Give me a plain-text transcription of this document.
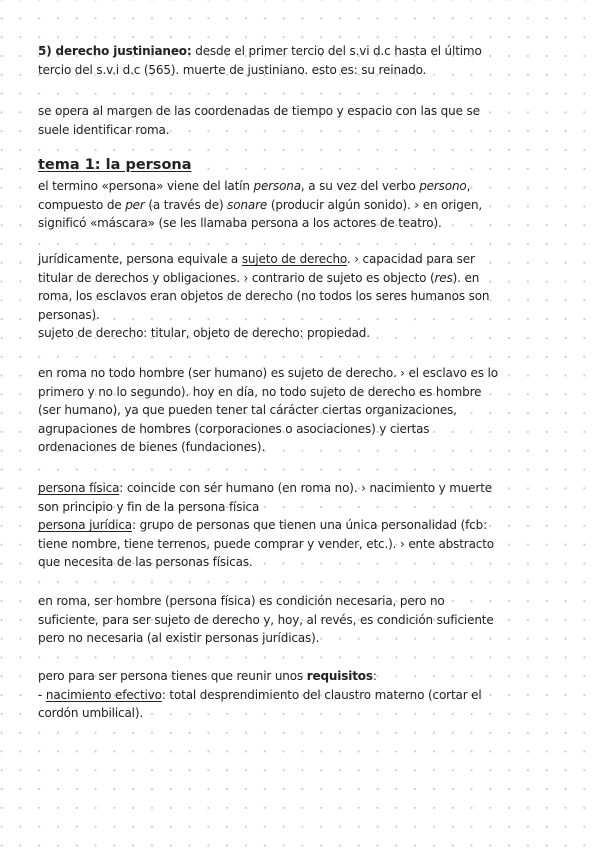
5) derecho justinianeo: desde el primer tercio del s.vi d.c hasta el último
tercio del s.v.i d.c (565). muerte de justiniano. esto es: su reinado.
se opera al margen de las coordenadas de tiempo y espacio con las que se
suele identificar roma.
tema 1: la persona
el termino «persona» viene del latín persona, a su vez del verbo persono,
compuesto de per (a través de) sonare (producir algún sonido). › en origen,
significó «máscara» (se les llamaba persona a los actores de teatro).
jurídicamente, persona equivale a sujeto de derecho. › capacidad para ser
titular de derechos y obligaciones. › contrario de sujeto es objecto (res). en
roma, los esclavos eran objetos de derecho (no todos los seres humanos son
personas).
sujeto de derecho: titular, objeto de derecho: propiedad.
en roma no todo hombre (ser humano) es sujeto de derecho. › el esclavo es lo
primero y no lo segundo). hoy en día, no todo sujeto de derecho es hombre
(ser humano), ya que pueden tener tal cárácter ciertas organizaciones,
agrupaciones de hombres (corporaciones o asociaciones) y ciertas
ordenaciones de bienes (fundaciones).
persona física: coincide con sér humano (en roma no). › nacimiento y muerte
son principio y fin de la persona física
persona jurídica: grupo de personas que tienen una única personalidad (fcb:
tiene nombre, tiene terrenos, puede comprar y vender, etc.). › ente abstracto
que necesita de las personas físicas.
en roma, ser hombre (persona física) es condición necesaria, pero no
suficiente, para ser sujeto de derecho y, hoy, al revés, es condición suficiente
pero no necesaria (al existir personas jurídicas).
pero para ser persona tienes que reunir unos requisitos:
- nacimiento efectivo: total desprendimiento del claustro materno (cortar el
cordón umbilical).
